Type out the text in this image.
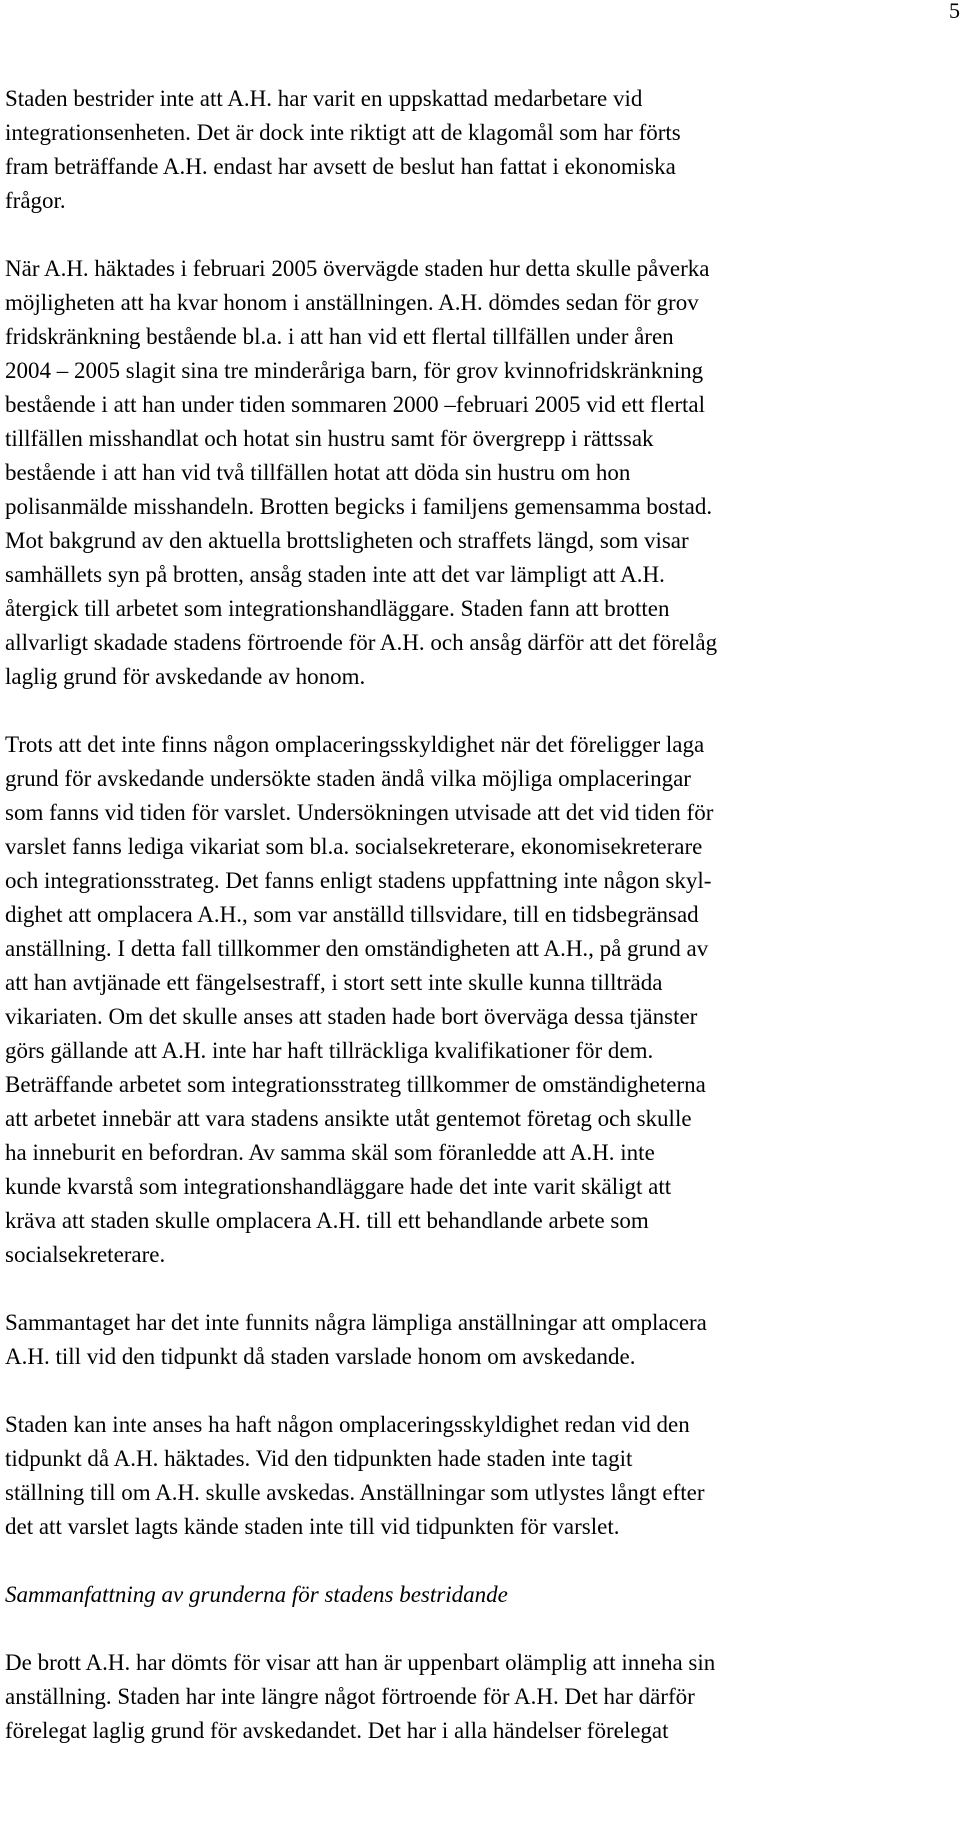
5
Staden bestrider inte att A.H. har varit en uppskattad medarbetare vid
integrationsenheten. Det är dock inte riktigt att de klagomål som har förts
fram beträffande A.H. endast har avsett de beslut han fattat i ekonomiska
frågor.
När A.H. häktades i februari 2005 övervägde staden hur detta skulle påverka
möjligheten att ha kvar honom i anställningen. A.H. dömdes sedan för grov
fridskränkning bestående bl.a. i att han vid ett flertal tillfällen under åren
2004 – 2005 slagit sina tre minderåriga barn, för grov kvinnofridskränkning
bestående i att han under tiden sommaren 2000 –februari 2005 vid ett flertal
tillfällen misshandlat och hotat sin hustru samt för övergrepp i rättssak
bestående i att han vid två tillfällen hotat att döda sin hustru om hon
polisanmälde misshandeln. Brotten begicks i familjens gemensamma bostad.
Mot bakgrund av den aktuella brottsligheten och straffets längd, som visar
samhällets syn på brotten, ansåg staden inte att det var lämpligt att A.H.
återgick till arbetet som integrationshandläggare. Staden fann att brotten
allvarligt skadade stadens förtroende för A.H. och ansåg därför att det förelåg
laglig grund för avskedande av honom.
Trots att det inte finns någon omplaceringsskyldighet när det föreligger laga
grund för avskedande undersökte staden ändå vilka möjliga omplaceringar
som fanns vid tiden för varslet. Undersökningen utvisade att det vid tiden för
varslet fanns lediga vikariat som bl.a. socialsekreterare, ekonomisekreterare
och integrationsstrateg. Det fanns enligt stadens uppfattning inte någon skyl-
dighet att omplacera A.H., som var anställd tillsvidare, till en tidsbegränsad
anställning. I detta fall tillkommer den omständigheten att A.H., på grund av
att han avtjänade ett fängelsestraff, i stort sett inte skulle kunna tillträda
vikariaten. Om det skulle anses att staden hade bort överväga dessa tjänster
görs gällande att A.H. inte har haft tillräckliga kvalifikationer för dem.
Beträffande arbetet som integrationsstrateg tillkommer de omständigheterna
att arbetet innebär att vara stadens ansikte utåt gentemot företag och skulle
ha inneburit en befordran. Av samma skäl som föranledde att A.H. inte
kunde kvarstå som integrationshandläggare hade det inte varit skäligt att
kräva att staden skulle omplacera A.H. till ett behandlande arbete som
socialsekreterare.
Sammantaget har det inte funnits några lämpliga anställningar att omplacera
A.H. till vid den tidpunkt då staden varslade honom om avskedande.
Staden kan inte anses ha haft någon omplaceringsskyldighet redan vid den
tidpunkt då A.H. häktades. Vid den tidpunkten hade staden inte tagit
ställning till om A.H. skulle avskedas. Anställningar som utlystes långt efter
det att varslet lagts kände staden inte till vid tidpunkten för varslet.
Sammanfattning av grunderna för stadens bestridande
De brott A.H. har dömts för visar att han är uppenbart olämplig att inneha sin
anställning. Staden har inte längre något förtroende för A.H. Det har därför
förelegat laglig grund för avskedandet. Det har i alla händelser förelegat
